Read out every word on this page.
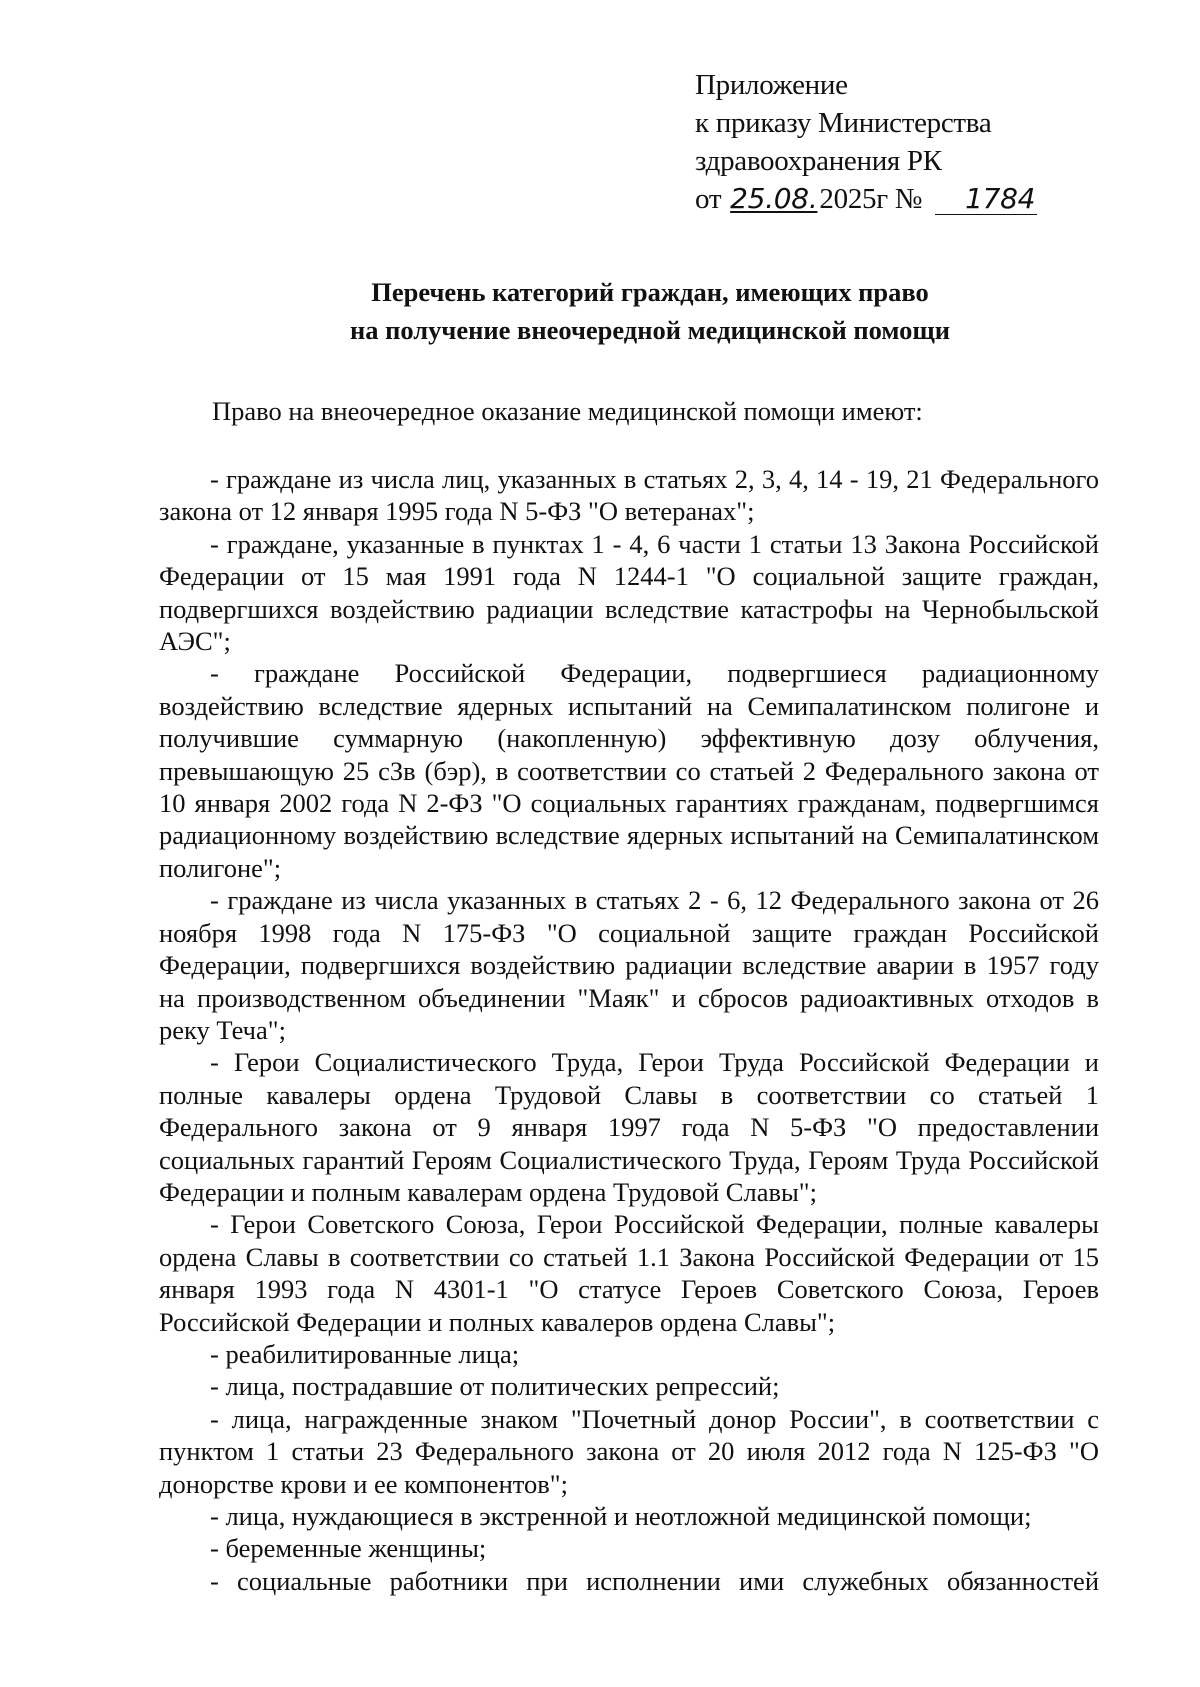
Приложение
к приказу Министерства
здравоохранения РК
от 25.08.2025г № 1784
Перечень категорий граждан, имеющих право
на получение внеочередной медицинской помощи
Право на внеочередное оказание медицинской помощи имеют:

- граждане из числа лиц, указанных в статьях 2, 3, 4, 14 - 19, 21 Федерального закона от 12 января 1995 года N 5-ФЗ "О ветеранах";

- граждане, указанные в пунктах 1 - 4, 6 части 1 статьи 13 Закона Российской Федерации от 15 мая 1991 года N 1244-1 "О социальной защите граждан, подвергшихся воздействию радиации вследствие катастрофы на Чернобыльской АЭС";

- граждане Российской Федерации, подвергшиеся радиационному воздействию вследствие ядерных испытаний на Семипалатинском полигоне и получившие суммарную (накопленную) эффективную дозу облучения, превышающую 25 сЗв (бэр), в соответствии со статьей 2 Федерального закона от 10 января 2002 года N 2-ФЗ "О социальных гарантиях гражданам, подвергшимся радиационному воздействию вследствие ядерных испытаний на Семипалатинском полигоне";

- граждане из числа указанных в статьях 2 - 6, 12 Федерального закона от 26 ноября 1998 года N 175-ФЗ "О социальной защите граждан Российской Федерации, подвергшихся воздействию радиации вследствие аварии в 1957 году на производственном объединении "Маяк" и сбросов радиоактивных отходов в реку Теча";

- Герои Социалистического Труда, Герои Труда Российской Федерации и полные кавалеры ордена Трудовой Славы в соответствии со статьей 1 Федерального закона от 9 января 1997 года N 5-ФЗ "О предоставлении социальных гарантий Героям Социалистического Труда, Героям Труда Российской Федерации и полным кавалерам ордена Трудовой Славы";

- Герои Советского Союза, Герои Российской Федерации, полные кавалеры ордена Славы в соответствии со статьей 1.1 Закона Российской Федерации от 15 января 1993 года N 4301-1 "О статусе Героев Советского Союза, Героев Российской Федерации и полных кавалеров ордена Славы";

- реабилитированные лица;

- лица, пострадавшие от политических репрессий;

- лица, награжденные знаком "Почетный донор России", в соответствии с пунктом 1 статьи 23 Федерального закона от 20 июля 2012 года N 125-ФЗ "О донорстве крови и ее компонентов";

- лица, нуждающиеся в экстренной и неотложной медицинской помощи;

- беременные женщины;

- социальные работники при исполнении ими служебных обязанностей
